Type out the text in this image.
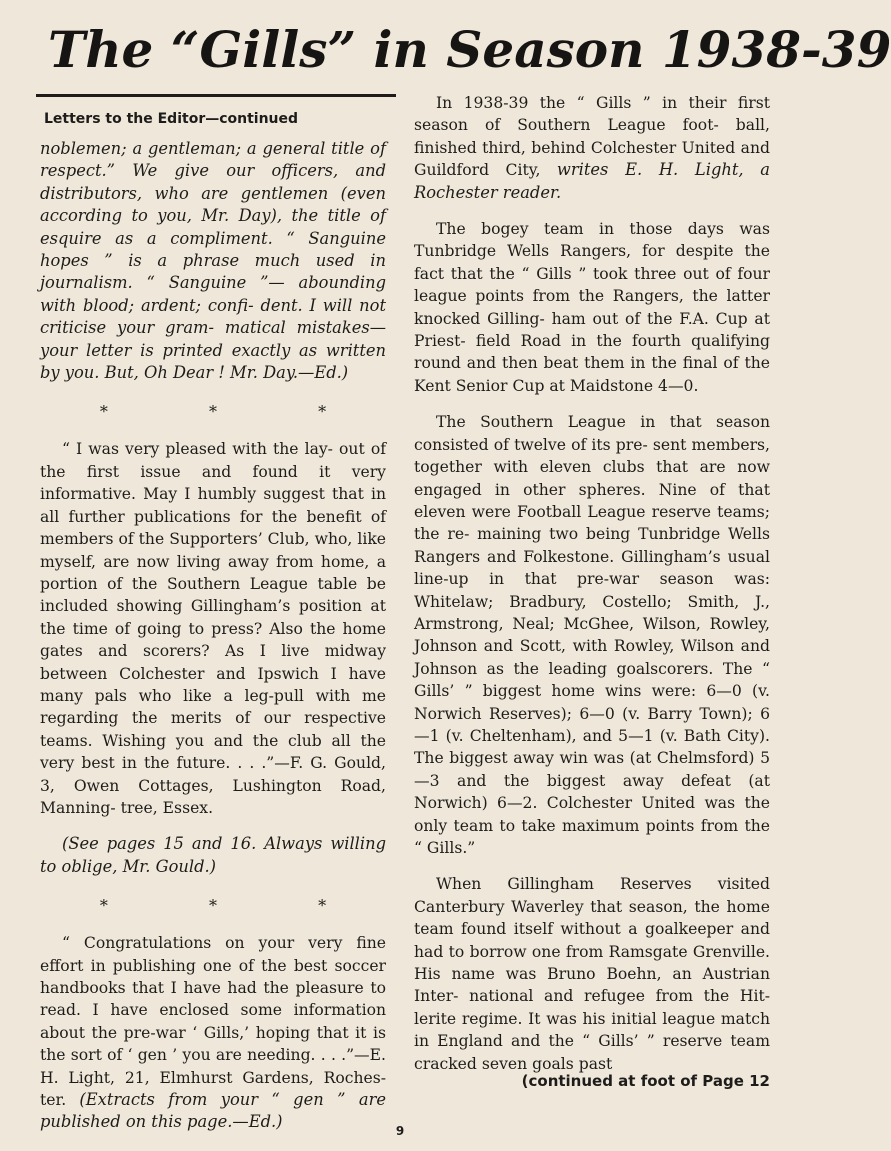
The “Gills” in Season 1938-39

Letters to the Editor—continued

noblemen; a gentleman; a general title of respect.” We give our officers, and distributors, who are gentlemen (even according to you, Mr. Day), the title of esquire as a compliment. “ Sanguine hopes ” is a phrase much used in journalism. “ Sanguine ”— abounding with blood; ardent; confi- dent. I will not criticise your gram- matical mistakes—your letter is printed exactly as written by you. But, Oh Dear ! Mr. Day.—Ed.)

* * *

“ I was very pleased with the lay- out of the first issue and found it very informative. May I humbly suggest that in all further publications for the benefit of members of the Supporters’ Club, who, like myself, are now living away from home, a portion of the Southern League table be included showing Gillingham’s position at the time of going to press? Also the home gates and scorers? As I live midway between Colchester and Ipswich I have many pals who like a leg-pull with me regarding the merits of our respective teams. Wishing you and the club all the very best in the future. . . .”—F. G. Gould, 3, Owen Cottages, Lushington Road, Manning- tree, Essex.

(See pages 15 and 16. Always willing to oblige, Mr. Gould.)

* * *

“ Congratulations on your very fine effort in publishing one of the best soccer handbooks that I have had the pleasure to read. I have enclosed some information about the pre-war ‘ Gills,’ hoping that it is the sort of ‘ gen ’ you are needing. . . .”—E. H. Light, 21, Elmhurst Gardens, Roches- ter. (Extracts from your “ gen ” are published on this page.—Ed.)

In 1938-39 the “ Gills ” in their first season of Southern League foot- ball, finished third, behind Colchester United and Guildford City, writes E. H. Light, a Rochester reader.

The bogey team in those days was Tunbridge Wells Rangers, for despite the fact that the “ Gills ” took three out of four league points from the Rangers, the latter knocked Gilling- ham out of the F.A. Cup at Priest- field Road in the fourth qualifying round and then beat them in the final of the Kent Senior Cup at Maidstone 4—0.

The Southern League in that season consisted of twelve of its pre- sent members, together with eleven clubs that are now engaged in other spheres. Nine of that eleven were Football League reserve teams; the re- maining two being Tunbridge Wells Rangers and Folkestone. Gillingham’s usual line-up in that pre-war season was: Whitelaw; Bradbury, Costello; Smith, J., Armstrong, Neal; McGhee, Wilson, Rowley, Johnson and Scott, with Rowley, Wilson and Johnson as the leading goalscorers. The “ Gills’ ” biggest home wins were: 6—0 (v. Norwich Reserves); 6—0 (v. Barry Town); 6—1 (v. Cheltenham), and 5—1 (v. Bath City). The biggest away win was (at Chelmsford) 5—3 and the biggest away defeat (at Norwich) 6—2. Colchester United was the only team to take maximum points from the “ Gills.”

When Gillingham Reserves visited Canterbury Waverley that season, the home team found itself without a goalkeeper and had to borrow one from Ramsgate Grenville. His name was Bruno Boehn, an Austrian Inter- national and refugee from the Hit- lerite regime. It was his initial league match in England and the “ Gills’ ” reserve team cracked seven goals past

(continued at foot of Page 12
9
